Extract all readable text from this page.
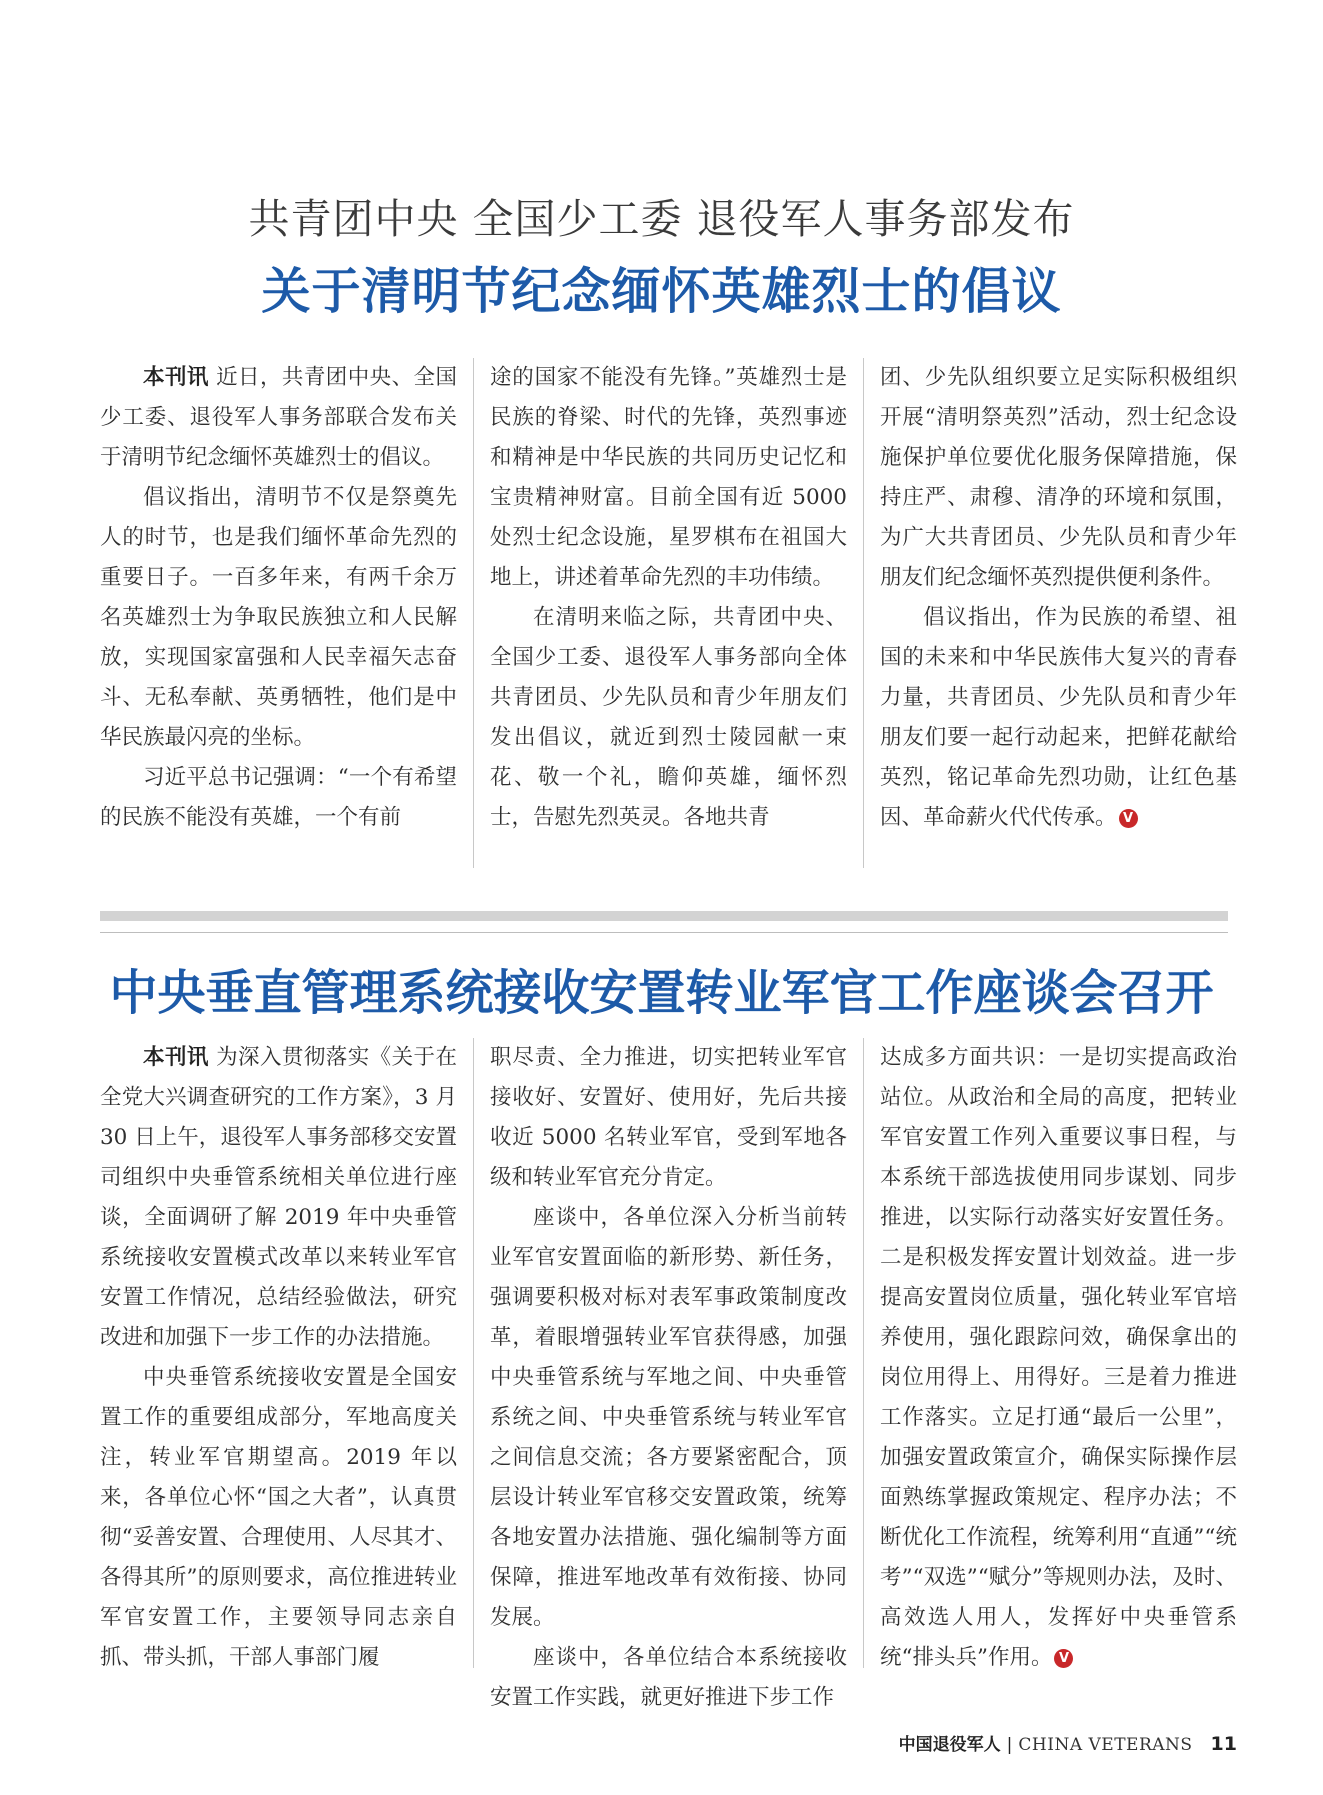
共青团中央 全国少工委 退役军人事务部发布
关于清明节纪念缅怀英雄烈士的倡议

本刊讯 近日，共青团中央、全国少工委、退役军人事务部联合发布关于清明节纪念缅怀英雄烈士的倡议。

倡议指出，清明节不仅是祭奠先人的时节，也是我们缅怀革命先烈的重要日子。一百多年来，有两千余万名英雄烈士为争取民族独立和人民解放，实现国家富强和人民幸福矢志奋斗、无私奉献、英勇牺牲，他们是中华民族最闪亮的坐标。

习近平总书记强调：“一个有希望的民族不能没有英雄，一个有前

途的国家不能没有先锋。”英雄烈士是民族的脊梁、时代的先锋，英烈事迹和精神是中华民族的共同历史记忆和宝贵精神财富。目前全国有近 5000 处烈士纪念设施，星罗棋布在祖国大地上，讲述着革命先烈的丰功伟绩。

在清明来临之际，共青团中央、全国少工委、退役军人事务部向全体共青团员、少先队员和青少年朋友们发出倡议，就近到烈士陵园献一束花、敬一个礼，瞻仰英雄，缅怀烈士，告慰先烈英灵。各地共青

团、少先队组织要立足实际积极组织开展“清明祭英烈”活动，烈士纪念设施保护单位要优化服务保障措施，保持庄严、肃穆、清净的环境和氛围，为广大共青团员、少先队员和青少年朋友们纪念缅怀英烈提供便利条件。

倡议指出，作为民族的希望、祖国的未来和中华民族伟大复兴的青春力量，共青团员、少先队员和青少年朋友们要一起行动起来，把鲜花献给英烈，铭记革命先烈功勋，让红色基因、革命薪火代代传承。 V

中央垂直管理系统接收安置转业军官工作座谈会召开

本刊讯 为深入贯彻落实《关于在全党大兴调查研究的工作方案》，3 月 30 日上午，退役军人事务部移交安置司组织中央垂管系统相关单位进行座谈，全面调研了解 2019 年中央垂管系统接收安置模式改革以来转业军官安置工作情况，总结经验做法，研究改进和加强下一步工作的办法措施。

中央垂管系统接收安置是全国安置工作的重要组成部分，军地高度关注，转业军官期望高。2019 年以来，各单位心怀“国之大者”，认真贯彻“妥善安置、合理使用、人尽其才、各得其所”的原则要求，高位推进转业军官安置工作，主要领导同志亲自抓、带头抓，干部人事部门履

职尽责、全力推进，切实把转业军官接收好、安置好、使用好，先后共接收近 5000 名转业军官，受到军地各级和转业军官充分肯定。

座谈中，各单位深入分析当前转业军官安置面临的新形势、新任务，强调要积极对标对表军事政策制度改革，着眼增强转业军官获得感，加强中央垂管系统与军地之间、中央垂管系统之间、中央垂管系统与转业军官之间信息交流；各方要紧密配合，顶层设计转业军官移交安置政策，统筹各地安置办法措施、强化编制等方面保障，推进军地改革有效衔接、协同发展。

座谈中，各单位结合本系统接收安置工作实践，就更好推进下步工作

达成多方面共识：一是切实提高政治站位。从政治和全局的高度，把转业军官安置工作列入重要议事日程，与本系统干部选拔使用同步谋划、同步推进，以实际行动落实好安置任务。二是积极发挥安置计划效益。进一步提高安置岗位质量，强化转业军官培养使用，强化跟踪问效，确保拿出的岗位用得上、用得好。三是着力推进工作落实。立足打通“最后一公里”，加强安置政策宣介，确保实际操作层面熟练掌握政策规定、程序办法；不断优化工作流程，统筹利用“直通”“统考”“双选”“赋分”等规则办法，及时、高效选人用人，发挥好中央垂管系统“排头兵”作用。 V

中国退役军人 | CHINA VETERANS 11
